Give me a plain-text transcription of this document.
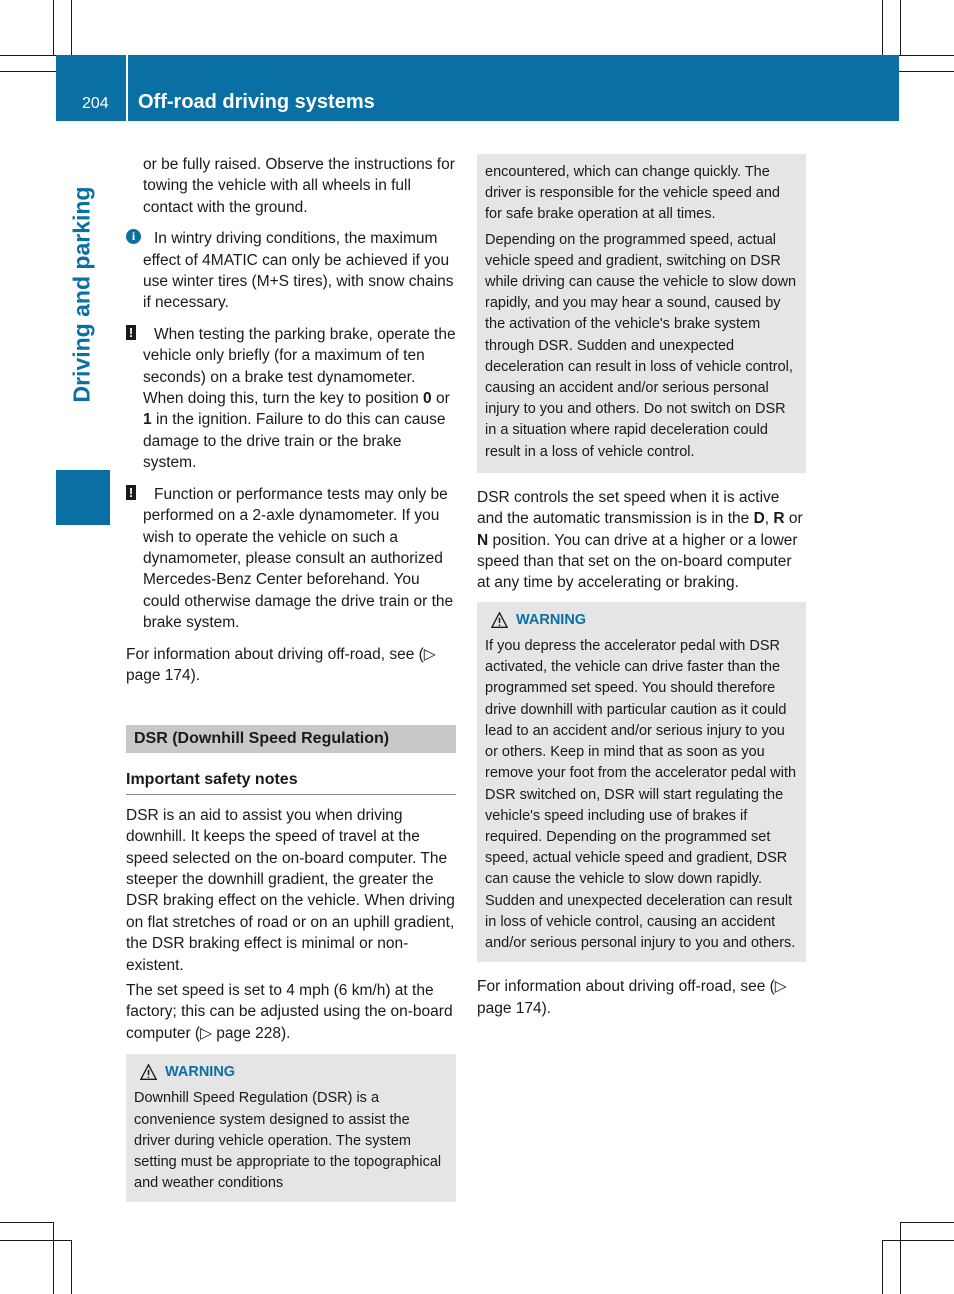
204 Off-road driving systems
Driving and parking

or be fully raised. Observe the instructions for towing the vehicle with all wheels in full contact with the ground.

i	In wintry driving conditions, the maximum effect of 4MATIC can only be achieved if you use winter tires (M+S tires), with snow chains if necessary.

! When testing the parking brake, operate the vehicle only briefly (for a maximum of ten seconds) on a brake test dynamometer. When doing this, turn the key to position 0 or 1 in the ignition. Failure to do this can cause damage to the drive train or the brake system.

! Function or performance tests may only be performed on a 2-axle dynamometer. If you wish to operate the vehicle on such a dynamometer, please consult an authorized Mercedes-Benz Center beforehand. You could otherwise damage the drive train or the brake system.

For information about driving off-road, see (▷ page 174).

DSR (Downhill Speed Regulation)
Important safety notes

DSR is an aid to assist you when driving downhill. It keeps the speed of travel at the speed selected on the on-board computer. The steeper the downhill gradient, the greater the DSR braking effect on the vehicle. When driving on flat stretches of road or on an uphill gradient, the DSR braking effect is minimal or non-existent.

The set speed is set to 4 mph (6 km/h) at the factory; this can be adjusted using the on-board computer (▷ page 228).

WARNING

Downhill Speed Regulation (DSR) is a convenience system designed to assist the driver during vehicle operation. The system setting must be appropriate to the topographical and weather conditions

encountered, which can change quickly. The driver is responsible for the vehicle speed and for safe brake operation at all times.

Depending on the programmed speed, actual vehicle speed and gradient, switching on DSR while driving can cause the vehicle to slow down rapidly, and you may hear a sound, caused by the activation of the vehicle's brake system through DSR. Sudden and unexpected deceleration can result in loss of vehicle control, causing an accident and/or serious personal injury to you and others. Do not switch on DSR in a situation where rapid deceleration could result in a loss of vehicle control.

DSR controls the set speed when it is active and the automatic transmission is in the D, R or N position. You can drive at a higher or a lower speed than that set on the on-board computer at any time by accelerating or braking.

WARNING

If you depress the accelerator pedal with DSR activated, the vehicle can drive faster than the programmed set speed. You should therefore drive downhill with particular caution as it could lead to an accident and/or serious injury to you or others. Keep in mind that as soon as you remove your foot from the accelerator pedal with DSR switched on, DSR will start regulating the vehicle's speed including use of brakes if required. Depending on the programmed set speed, actual vehicle speed and gradient, DSR can cause the vehicle to slow down rapidly. Sudden and unexpected deceleration can result in loss of vehicle control, causing an accident and/or serious personal injury to you and others.

For information about driving off-road, see (▷ page 174).
